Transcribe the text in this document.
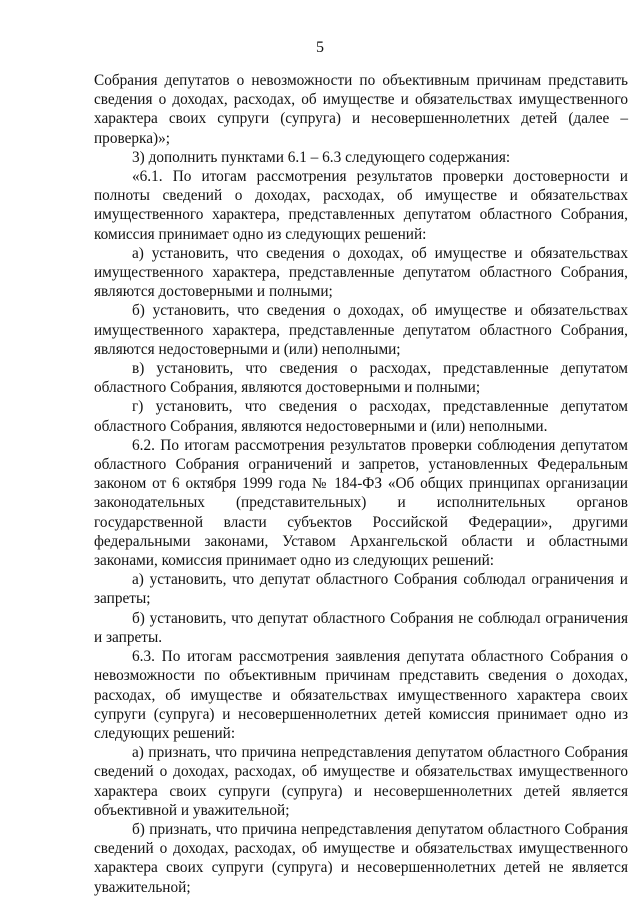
5

Собрания депутатов о невозможности по объективным причинам представить сведения о доходах, расходах, об имуществе и обязательствах имущественного характера своих супруги (супруга) и несовершеннолетних детей (далее – проверка)»;

3) дополнить пунктами 6.1 – 6.3 следующего содержания:

«6.1. По итогам рассмотрения результатов проверки достоверности и полноты сведений о доходах, расходах, об имуществе и обязательствах имущественного характера, представленных депутатом областного Собрания, комиссия принимает одно из следующих решений:

а) установить, что сведения о доходах, об имуществе и обязательствах имущественного характера, представленные депутатом областного Собрания, являются достоверными и полными;

б) установить, что сведения о доходах, об имуществе и обязательствах имущественного характера, представленные депутатом областного Собрания, являются недостоверными и (или) неполными;

в) установить, что сведения о расходах, представленные депутатом областного Собрания, являются достоверными и полными;

г) установить, что сведения о расходах, представленные депутатом областного Собрания, являются недостоверными и (или) неполными.

6.2. По итогам рассмотрения результатов проверки соблюдения депутатом областного Собрания ограничений и запретов, установленных Федеральным законом от 6 октября 1999 года № 184-ФЗ «Об общих принципах организации законодательных (представительных) и исполнительных органов государственной власти субъектов Российской Федерации», другими федеральными законами, Уставом Архангельской области и областными законами, комиссия принимает одно из следующих решений:

а) установить, что депутат областного Собрания соблюдал ограничения и запреты;

б) установить, что депутат областного Собрания не соблюдал ограничения и запреты.

6.3. По итогам рассмотрения заявления депутата областного Собрания о невозможности по объективным причинам представить сведения о доходах, расходах, об имуществе и обязательствах имущественного характера своих супруги (супруга) и несовершеннолетних детей комиссия принимает одно из следующих решений:

а) признать, что причина непредставления депутатом областного Собрания сведений о доходах, расходах, об имуществе и обязательствах имущественного характера своих супруги (супруга) и несовершеннолетних детей является объективной и уважительной;

б) признать, что причина непредставления депутатом областного Собрания сведений о доходах, расходах, об имуществе и обязательствах имущественного характера своих супруги (супруга) и несовершеннолетних детей не является уважительной;
